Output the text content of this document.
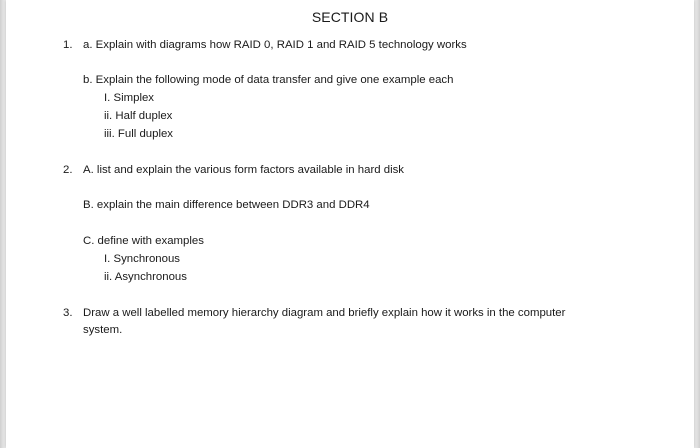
SECTION B
1. a. Explain with diagrams how RAID 0, RAID 1 and RAID 5 technology works
b. Explain the following mode of data transfer and give one example each
I. Simplex
ii. Half duplex
iii. Full duplex
2. A. list and explain the various form factors available in hard disk
B. explain the main difference between DDR3 and DDR4
C. define with examples
I. Synchronous
ii. Asynchronous
3. Draw a well labelled memory hierarchy diagram and briefly explain how it works in the computer
system.
